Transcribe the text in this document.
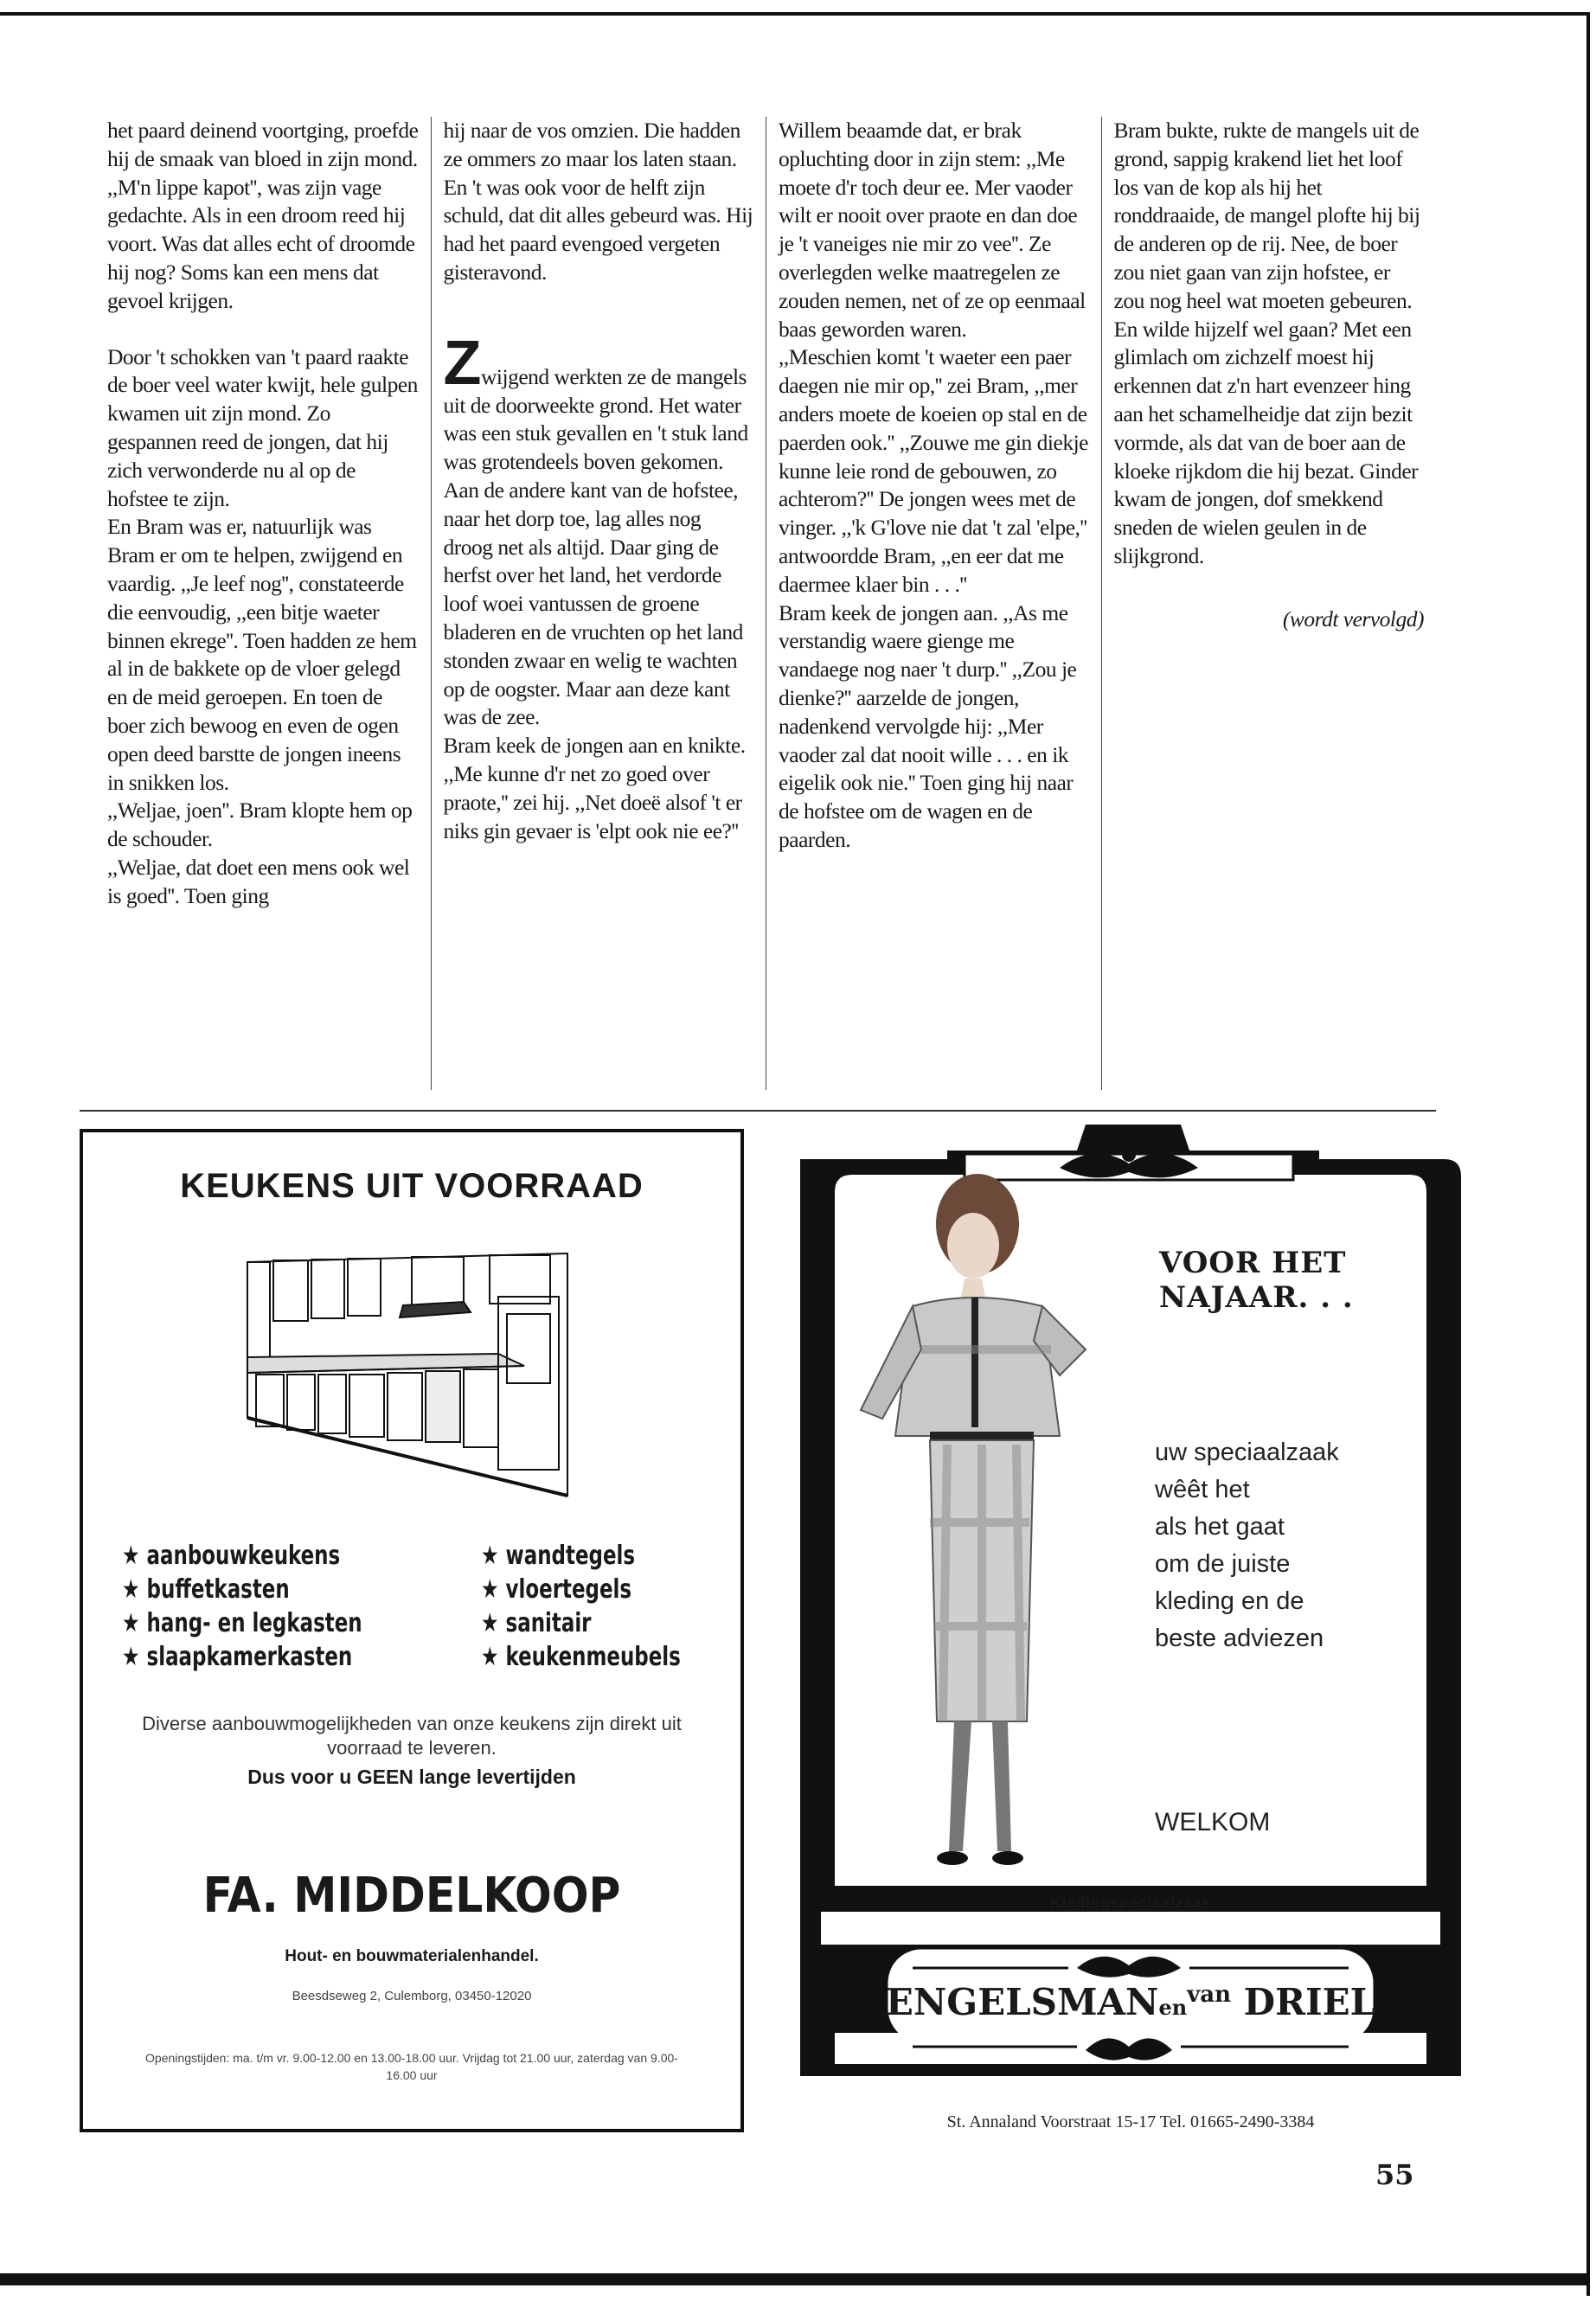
het paard deinend voortging, proefde hij de smaak van bloed in zijn mond. ,,M'n lippe kapot'', was zijn vage gedachte. Als in een droom reed hij voort. Was dat alles echt of droomde hij nog? Soms kan een mens dat gevoel krijgen.

Door 't schokken van 't paard raakte de boer veel water kwijt, hele gulpen kwamen uit zijn mond. Zo gespannen reed de jongen, dat hij zich verwonderde nu al op de hofstee te zijn.

En Bram was er, natuurlijk was Bram er om te helpen, zwijgend en vaardig. ,,Je leef nog'', constateerde die eenvoudig, ,,een bitje waeter binnen ekrege''. Toen hadden ze hem al in de bakkete op de vloer gelegd en de meid geroepen. En toen de boer zich bewoog en even de ogen open deed barstte de jongen ineens in snikken los.

,,Weljae, joen''. Bram klopte hem op de schouder.

,,Weljae, dat doet een mens ook wel is goed''. Toen ging

hij naar de vos omzien. Die hadden ze ommers zo maar los laten staan. En 't was ook voor de helft zijn schuld, dat dit alles gebeurd was. Hij had het paard evengoed vergeten gisteravond.

Zwijgend werkten ze de mangels uit de doorweekte grond. Het water was een stuk gevallen en 't stuk land was grotendeels boven gekomen. Aan de andere kant van de hofstee, naar het dorp toe, lag alles nog droog net als altijd. Daar ging de herfst over het land, het verdorde loof woei vantussen de groene bladeren en de vruchten op het land stonden zwaar en welig te wachten op de oogster. Maar aan deze kant was de zee.

Bram keek de jongen aan en knikte. ,,Me kunne d'r net zo goed over praote,'' zei hij. ,,Net doeë alsof 't er niks gin gevaer is 'elpt ook nie ee?''

Willem beaamde dat, er brak opluchting door in zijn stem: ,,Me moete d'r toch deur ee. Mer vaoder wilt er nooit over praote en dan doe je 't vaneiges nie mir zo vee''. Ze overlegden welke maatregelen ze zouden nemen, net of ze op eenmaal baas geworden waren.

,,Meschien komt 't waeter een paer daegen nie mir op,'' zei Bram, ,,mer anders moete de koeien op stal en de paerden ook.'' ,,Zouwe me gin diekje kunne leie rond de gebouwen, zo achterom?'' De jongen wees met de vinger. ,,'k G'love nie dat 't zal 'elpe,'' antwoordde Bram, ,,en eer dat me daermee klaer bin . . .''

Bram keek de jongen aan. ,,As me verstandig waere gienge me vandaege nog naer 't durp.'' ,,Zou je dienke?'' aarzelde de jongen, nadenkend vervolgde hij: ,,Mer vaoder zal dat nooit wille . . . en ik eigelik ook nie.'' Toen ging hij naar de hofstee om de wagen en de paarden.

Bram bukte, rukte de mangels uit de grond, sappig krakend liet het loof los van de kop als hij het ronddraaide, de mangel plofte hij bij de anderen op de rij. Nee, de boer zou niet gaan van zijn hofstee, er zou nog heel wat moeten gebeuren. En wilde hijzelf wel gaan? Met een glimlach om zichzelf moest hij erkennen dat z'n hart evenzeer hing aan het schamelheidje dat zijn bezit vormde, als dat van de boer aan de kloeke rijkdom die hij bezat. Ginder kwam de jongen, dof smekkend sneden de wielen geulen in de slijkgrond.

(wordt vervolgd)

KEUKENS UIT VOORRAAD
★ aanbouwkeukens
★ buffetkasten
★ hang- en legkasten
★ slaapkamerkasten
★ wandtegels
★ vloertegels
★ sanitair
★ keukenmeubels
Diverse aanbouwmogelijkheden van onze keukens zijn direkt uit voorraad te leveren.
Dus voor u GEEN lange levertijden
FA. MIDDELKOOP
Hout- en bouwmaterialenhandel.
Beesdseweg 2, Culemborg, 03450-12020
Openingstijden: ma. t/m vr. 9.00-12.00 en 13.00-18.00 uur. Vrijdag tot 21.00 uur, zaterdag van 9.00-16.00 uur
VOOR HET
NAJAAR. . .
uw speciaalzaak
wêêt het
als het gaat
om de juiste
kleding en de
beste adviezen
WELKOM
Kledingspeciaalzaak
ENGELSMANen$^{van}$ DRIEL
St. Annaland Voorstraat 15-17 Tel. 01665-2490-3384
55
